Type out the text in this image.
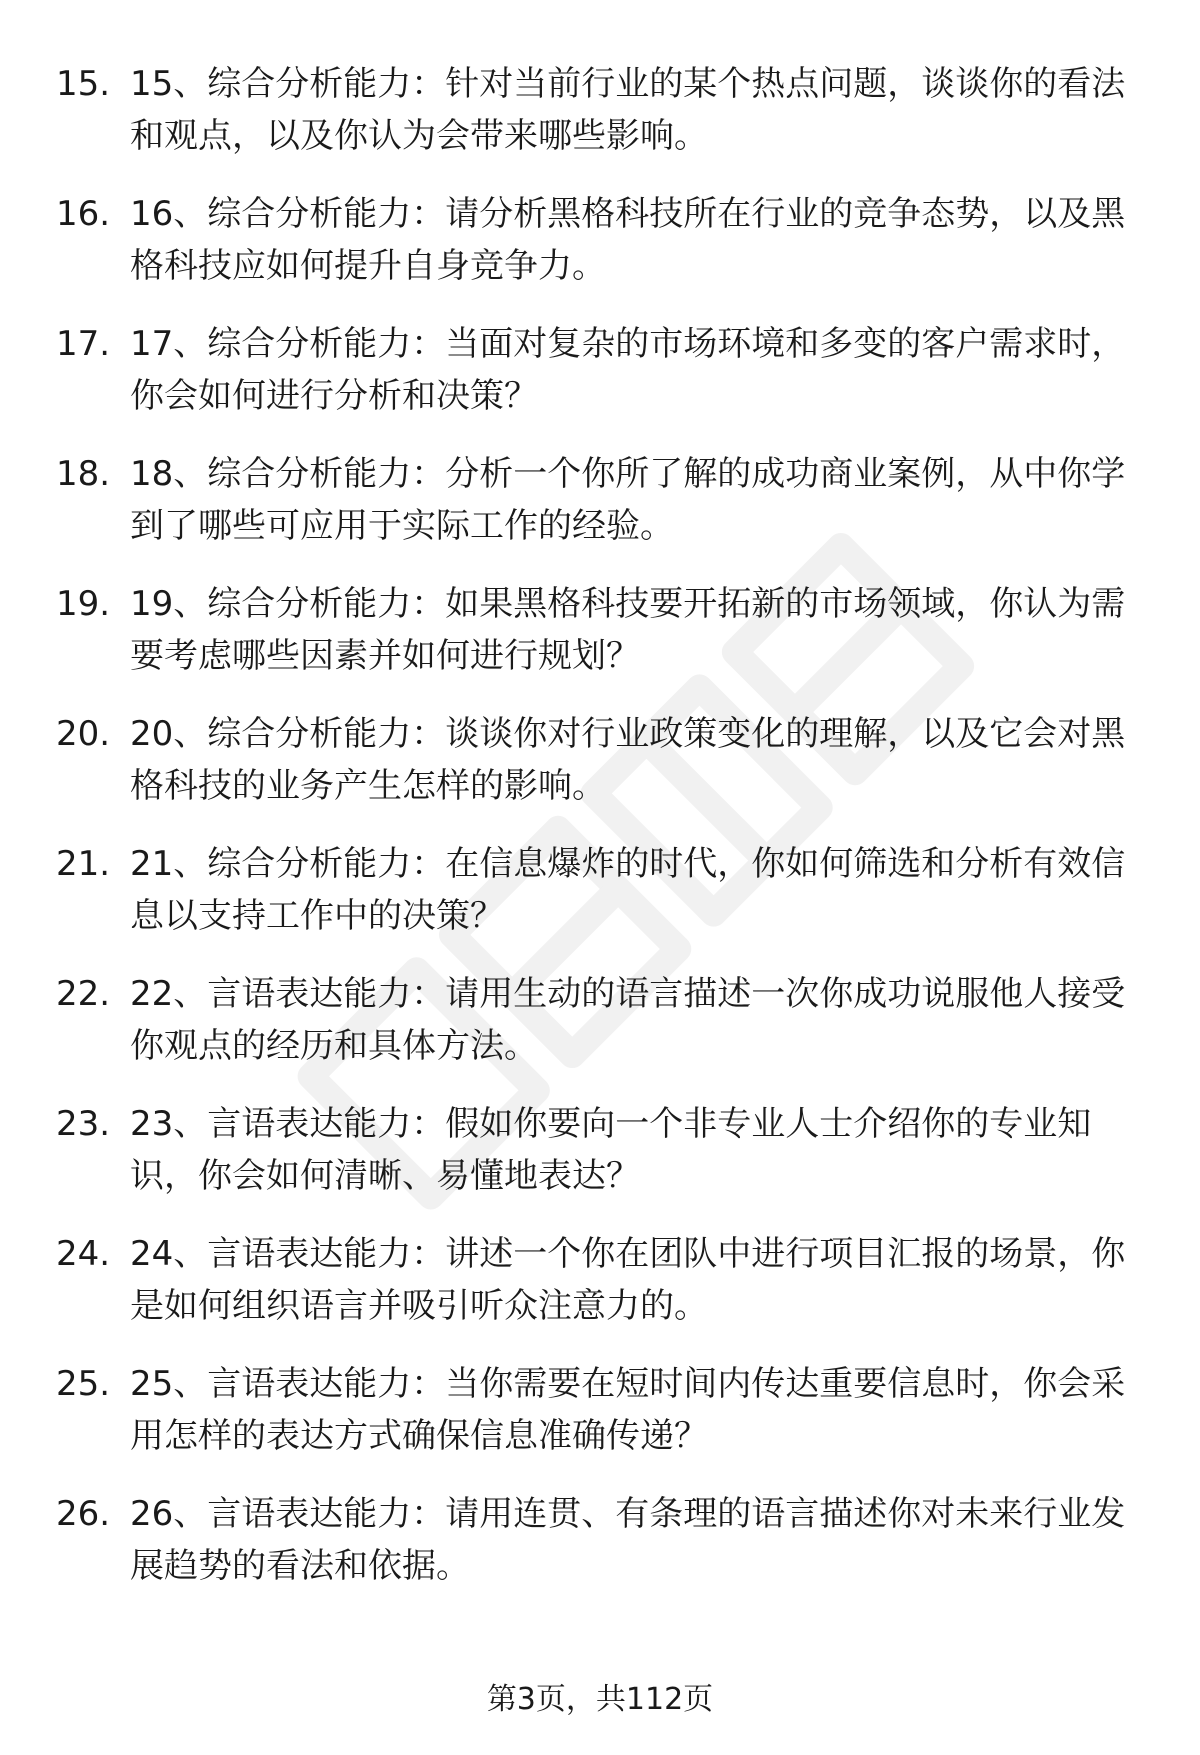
15. 15、综合分析能力：针对当前行业的某个热点问题，谈谈你的看法和观点，以及你认为会带来哪些影响。
16. 16、综合分析能力：请分析黑格科技所在行业的竞争态势，以及黑格科技应如何提升自身竞争力。
17. 17、综合分析能力：当面对复杂的市场环境和多变的客户需求时，你会如何进行分析和决策？
18. 18、综合分析能力：分析一个你所了解的成功商业案例，从中你学到了哪些可应用于实际工作的经验。
19. 19、综合分析能力：如果黑格科技要开拓新的市场领域，你认为需要考虑哪些因素并如何进行规划？
20. 20、综合分析能力：谈谈你对行业政策变化的理解，以及它会对黑格科技的业务产生怎样的影响。
21. 21、综合分析能力：在信息爆炸的时代，你如何筛选和分析有效信息以支持工作中的决策？
22. 22、言语表达能力：请用生动的语言描述一次你成功说服他人接受你观点的经历和具体方法。
23. 23、言语表达能力：假如你要向一个非专业人士介绍你的专业知识，你会如何清晰、易懂地表达？
24. 24、言语表达能力：讲述一个你在团队中进行项目汇报的场景，你是如何组织语言并吸引听众注意力的。
25. 25、言语表达能力：当你需要在短时间内传达重要信息时，你会采用怎样的表达方式确保信息准确传递？
26. 26、言语表达能力：请用连贯、有条理的语言描述你对未来行业发展趋势的看法和依据。
第3页，共112页
